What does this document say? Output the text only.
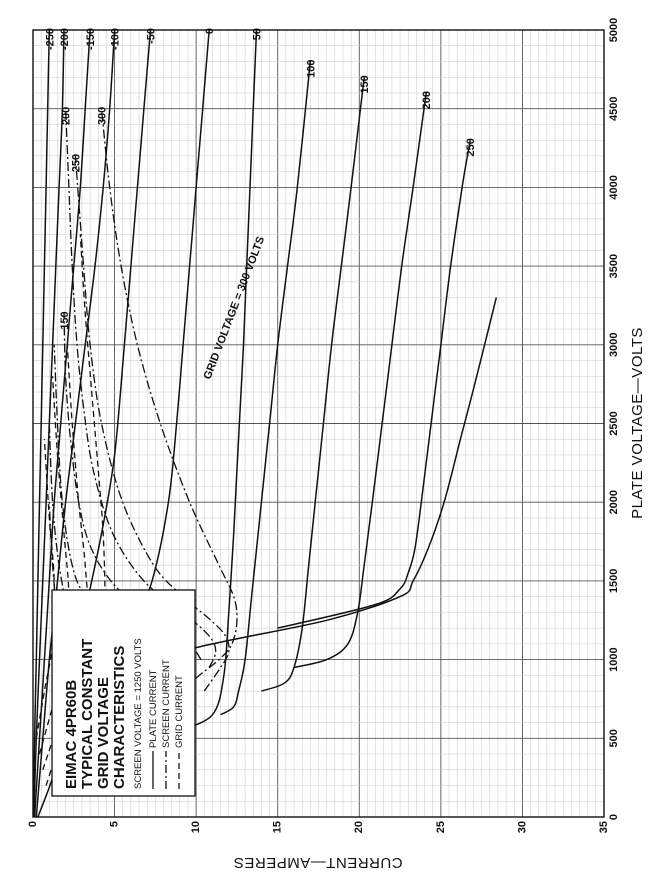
250
200
150
100
50
0
-50
-100
-150
-200
-250
300
250
200
150
0
500
1000
1500
2000
2500
3000
3500
4000
4500
5000
0	5	10	15	20	25	30	35
PLATE VOLTAGE—VOLTS
CURRENT—AMPERES
GRID VOLTAGE = 300 VOLTS
EIMAC 4PR60B TYPICAL CONSTANT GRID VOLTAGE CHARACTERISTICS SCREEN VOLTAGE = 1250 VOLTS PLATE CURRENT SCREEN CURRENT GRID CURRENT
